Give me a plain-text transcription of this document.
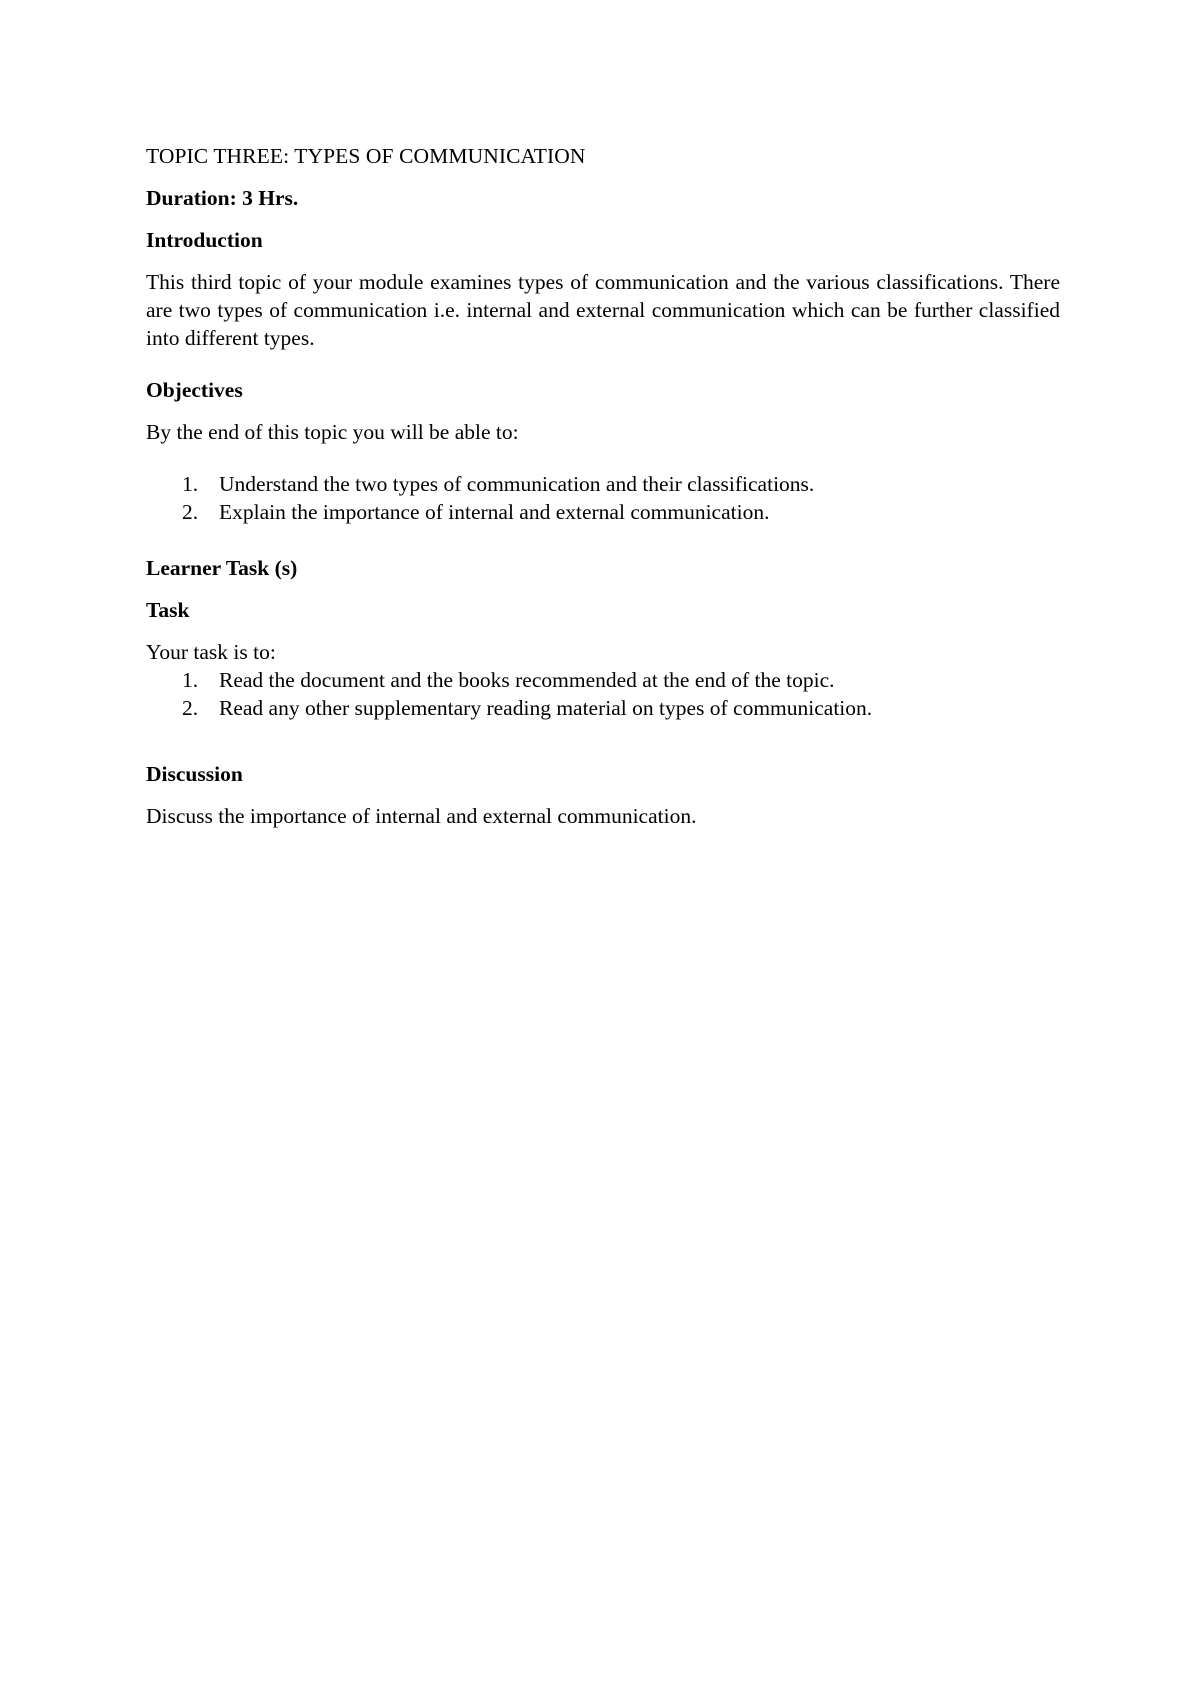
TOPIC THREE: TYPES OF COMMUNICATION
Duration: 3 Hrs.
Introduction
This third topic of your module examines types of communication and the various classifications. There are two types of communication i.e. internal and external communication which can be further classified into different types.
Objectives
By the end of this topic you will be able to:
1. Understand the two types of communication and their classifications.
2. Explain the importance of internal and external communication.
Learner Task (s)
Task
Your task is to:
1. Read the document and the books recommended at the end of the topic.
2. Read any other supplementary reading material on types of communication.
Discussion
Discuss the importance of internal and external communication.
